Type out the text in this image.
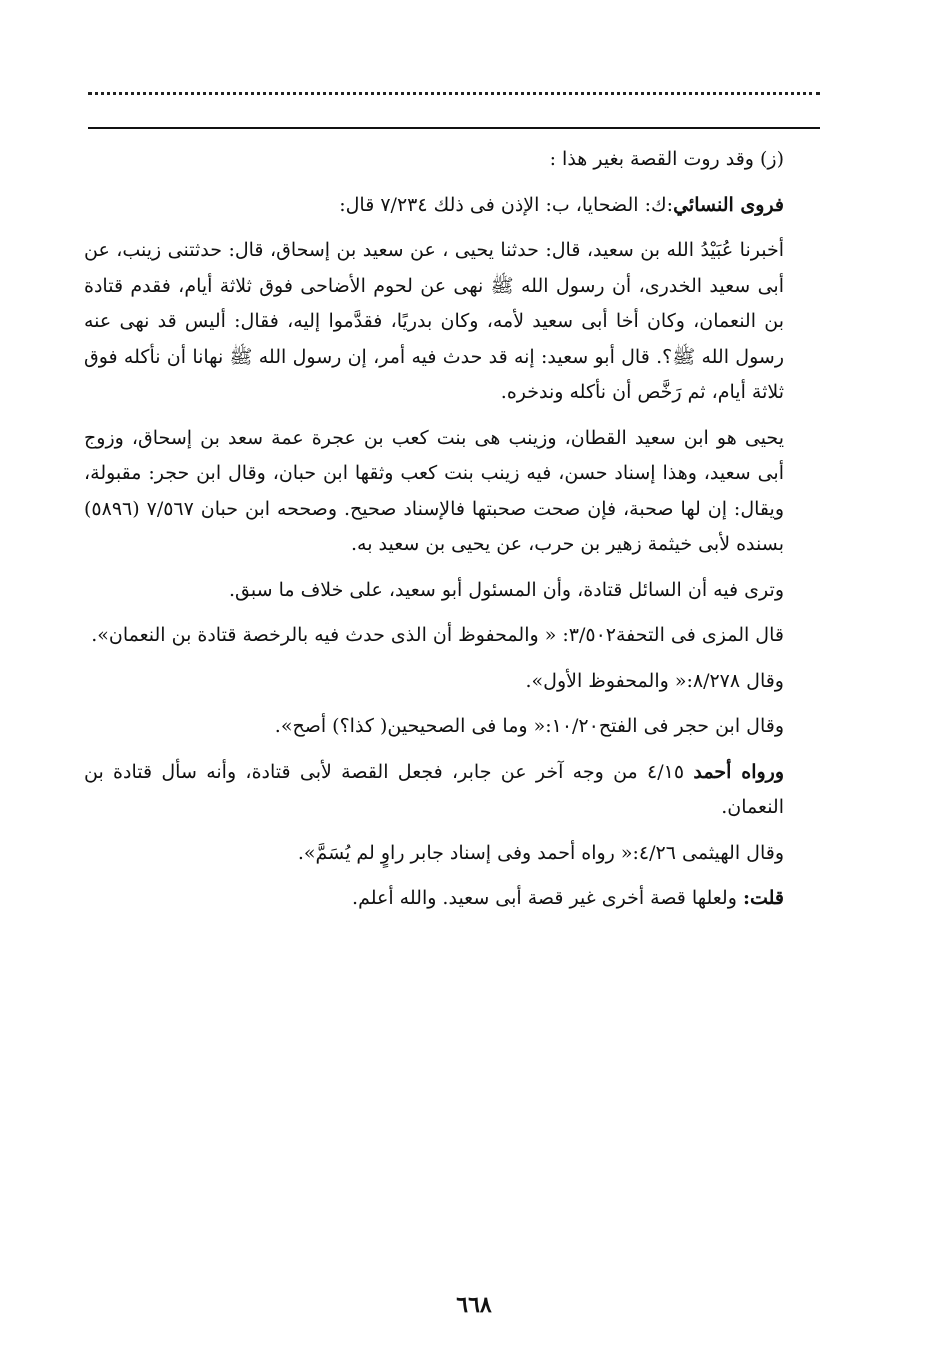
(ز) وقد روت القصة بغير هذا :

فروى النسائي:ك: الضحايا، ب: الإذن فى ذلك ٧/٢٣٤ قال:

أخبرنا عُبَيْدُ الله بن سعيد، قال: حدثنا يحيى ، عن سعيد بن إسحاق، قال: حدثتنى زينب، عن أبى سعيد الخدرى، أن رسول الله ﷺ نهى عن لحوم الأضاحى فوق ثلاثة أيام، فقدم قتادة بن النعمان، وكان أخا أبى سعيد لأمه، وكان بدريًا، فقدَّموا إليه، فقال: أليس قد نهى عنه رسول الله ﷺ؟. قال أبو سعيد: إنه قد حدث فيه أمر، إن رسول الله ﷺ نهانا أن نأكله فوق ثلاثة أيام، ثم رَخَّص أن نأكله وندخره.

يحيى هو ابن سعيد القطان، وزينب هى بنت كعب بن عجرة عمة سعد بن إسحاق، وزوج أبى سعيد، وهذا إسناد حسن، فيه زينب بنت كعب وثقها ابن حبان، وقال ابن حجر: مقبولة، ويقال: إن لها صحبة، فإن صحت صحبتها فالإسناد صحيح. وصححه ابن حبان ٧/٥٦٧ (٥٨٩٦) بسنده لأبى خيثمة زهير بن حرب، عن يحيى بن سعيد به.

وترى فيه أن السائل قتادة، وأن المسئول أبو سعيد، على خلاف ما سبق.

قال المزى فى التحفة٣/٥٠٢: « والمحفوظ أن الذى حدث فيه بالرخصة قتادة بن النعمان».

وقال ٨/٢٧٨:« والمحفوظ الأول».

وقال ابن حجر فى الفتح١٠/٢٠:« وما فى الصحيحين( كذا؟) أصح».

ورواه أحمد ٤/١٥ من وجه آخر عن جابر، فجعل القصة لأبى قتادة، وأنه سأل قتادة بن النعمان.

وقال الهيثمى ٤/٢٦:« رواه أحمد وفى إسناد جابر راوٍ لم يُسَمَّ».

قلت: ولعلها قصة أخرى غير قصة أبى سعيد. والله أعلم.

٦٦٨
